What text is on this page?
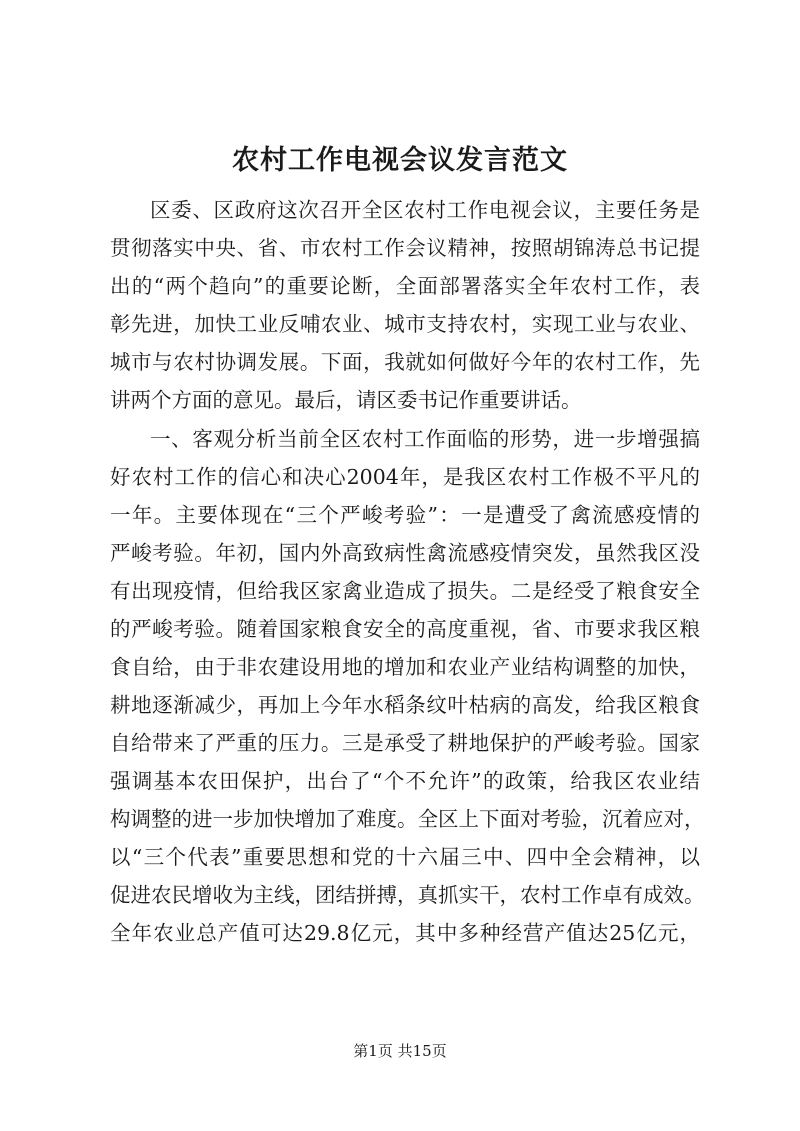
农村工作电视会议发言范文
区委、区政府这次召开全区农村工作电视会议，主要任务是
贯彻落实中央、省、市农村工作会议精神，按照胡锦涛总书记提
出的“两个趋向”的重要论断，全面部署落实全年农村工作，表
彰先进，加快工业反哺农业、城市支持农村，实现工业与农业、
城市与农村协调发展。下面，我就如何做好今年的农村工作，先
讲两个方面的意见。最后，请区委书记作重要讲话。
一、客观分析当前全区农村工作面临的形势，进一步增强搞
好农村工作的信心和决心2004年，是我区农村工作极不平凡的
一年。主要体现在“三个严峻考验”：一是遭受了禽流感疫情的
严峻考验。年初，国内外高致病性禽流感疫情突发，虽然我区没
有出现疫情，但给我区家禽业造成了损失。二是经受了粮食安全
的严峻考验。随着国家粮食安全的高度重视，省、市要求我区粮
食自给，由于非农建设用地的增加和农业产业结构调整的加快，
耕地逐渐减少，再加上今年水稻条纹叶枯病的高发，给我区粮食
自给带来了严重的压力。三是承受了耕地保护的严峻考验。国家
强调基本农田保护，出台了“个不允许”的政策，给我区农业结
构调整的进一步加快增加了难度。全区上下面对考验，沉着应对，
以“三个代表”重要思想和党的十六届三中、四中全会精神，以
促进农民增收为主线，团结拼搏，真抓实干，农村工作卓有成效。
全年农业总产值可达29.8亿元，其中多种经营产值达25亿元，
第1页 共15页
